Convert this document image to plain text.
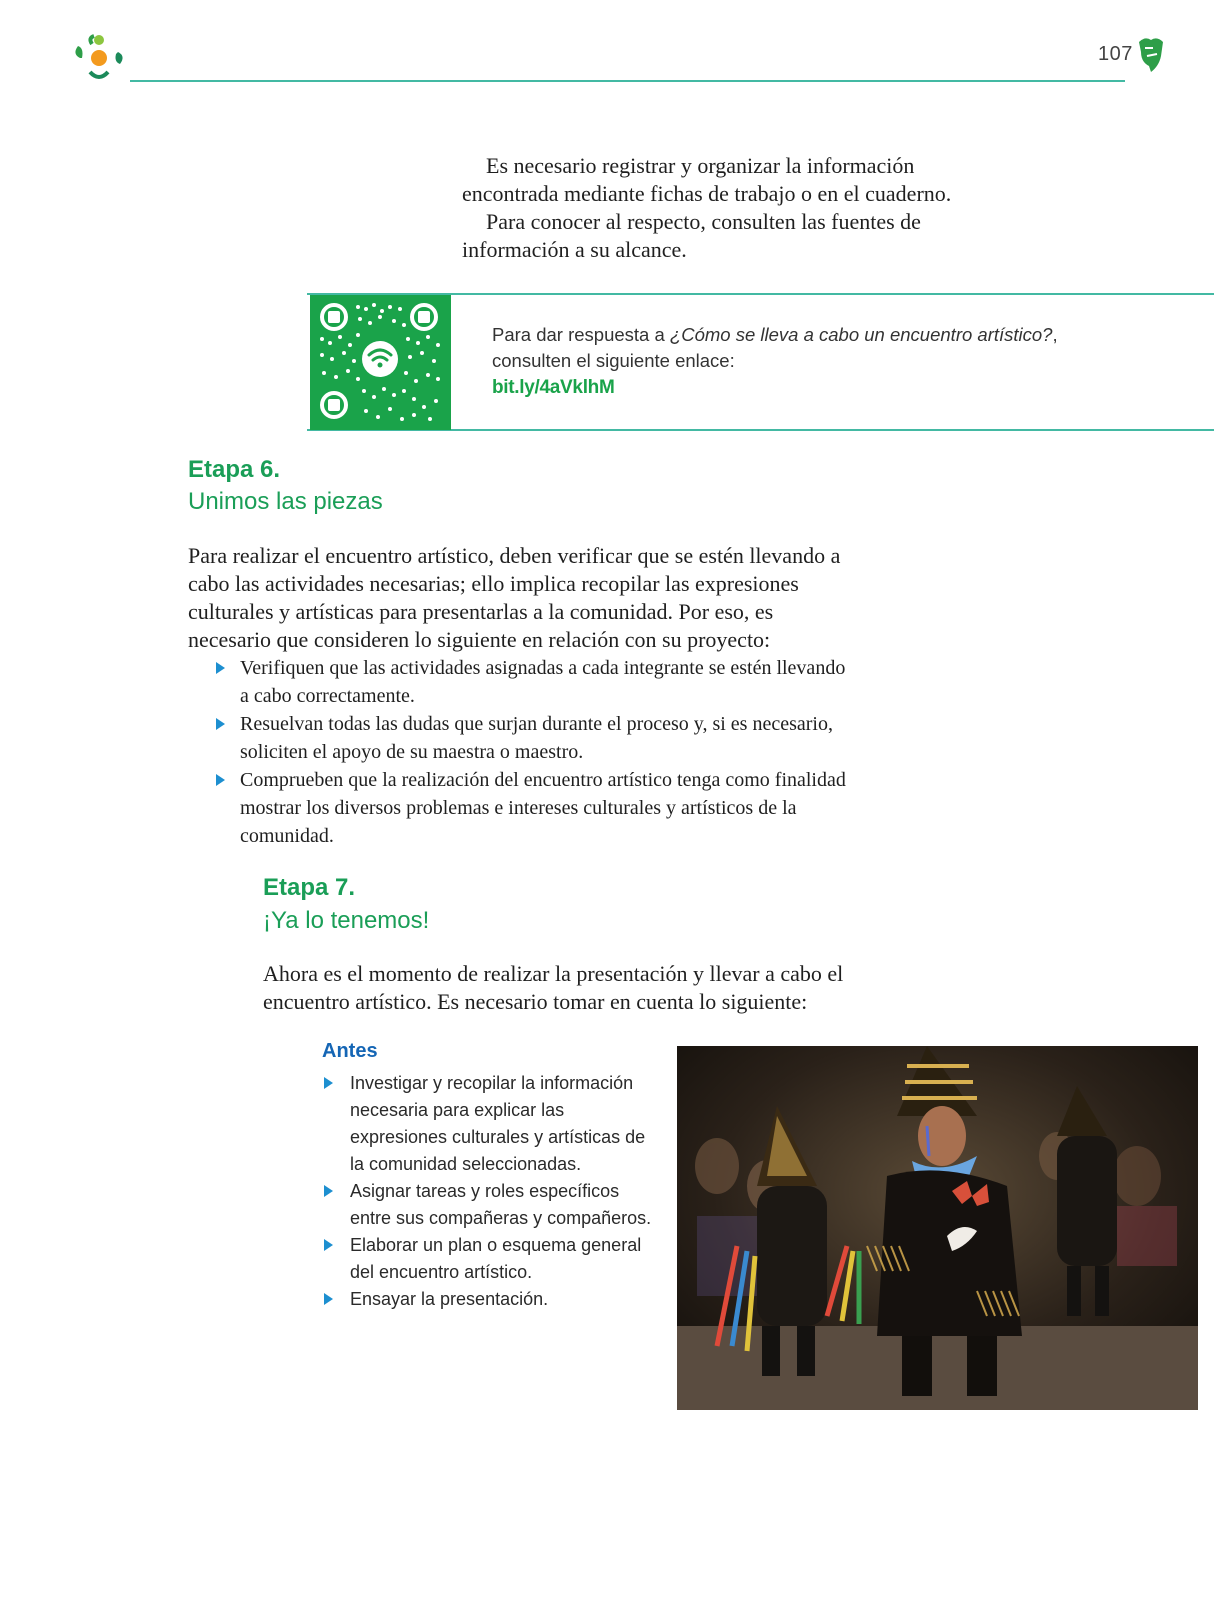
107

Es necesario registrar y organizar la información encontrada mediante fichas de trabajo o en el cuaderno.

Para conocer al respecto, consulten las fuentes de información a su alcance.

Para dar respuesta a ¿Cómo se lleva a cabo un encuentro artístico?, consulten el siguiente enlace:
bit.ly/4aVklhM
Etapa 6.
Unimos las piezas

Para realizar el encuentro artístico, deben verificar que se estén llevando a cabo las actividades necesarias; ello implica recopilar las expresiones culturales y artísticas para presentarlas a la comunidad. Por eso, es necesario que consideren lo siguiente en relación con su proyecto:

Verifiquen que las actividades asignadas a cada integrante se estén llevando a cabo correctamente.
Resuelvan todas las dudas que surjan durante el proceso y, si es necesario, soliciten el apoyo de su maestra o maestro.
Comprueben que la realización del encuentro artístico tenga como finalidad mostrar los diversos problemas e intereses culturales y artísticos de la comunidad.
Etapa 7.
¡Ya lo tenemos!

Ahora es el momento de realizar la presentación y llevar a cabo el encuentro artístico. Es necesario tomar en cuenta lo siguiente:

Antes
Investigar y recopilar la información necesaria para explicar las expresiones culturales y artísticas de la comunidad seleccionadas.
Asignar tareas y roles específicos entre sus compañeras y compañeros.
Elaborar un plan o esquema general del encuentro artístico.
Ensayar la presentación.
